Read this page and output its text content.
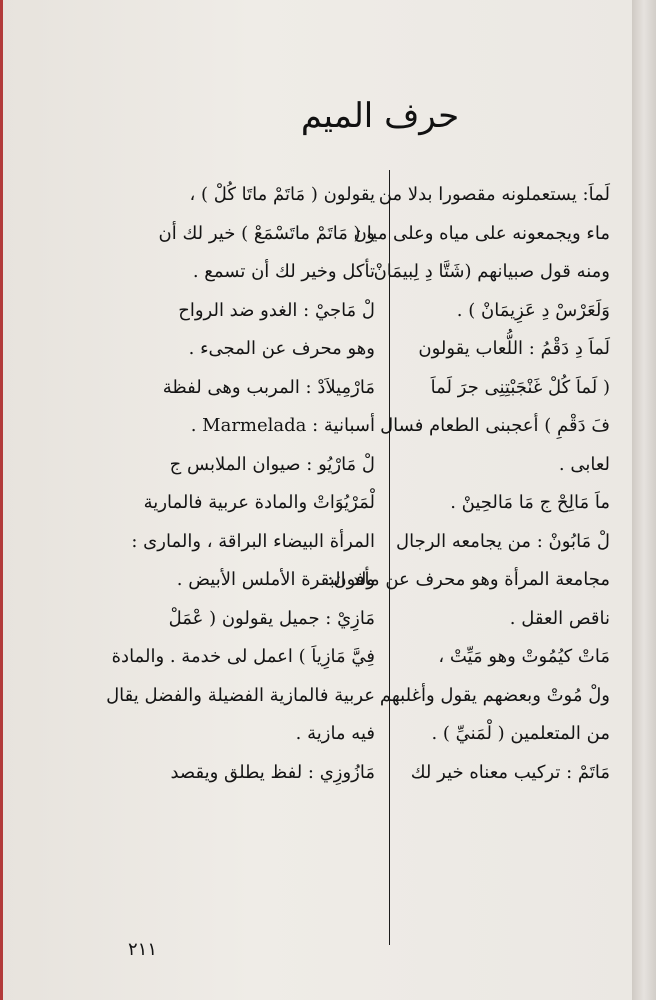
حرف الميم
لَماَ: يستعملونه مقصورا بدلا من
ماء ويجمعونه على مياه وعلى ميان
ومنه قول صبيانهم (شَتَّا دِ لِبيمَانْ
وَلَعَرْسْ دِ عَزِيمَانْ ) .
لَماَ دِ دَقْمُ : اللُّعاب يقولون
( لَماَ كُلْ غَنْجَبْتِنِى جرَ لَماَ
فَ دَقْمِ ) أعجبنى الطعام فسال
لعابى .
ماَ مَالِحْ ج مَا مَالحِينْ .
لْ مَابُونْ : من يجامعه الرجال
مجامعة المرأة وهو محرف عن مأفون:
ناقص العقل .
مَاتْ كيُمُوتْ وهو مَيِّتْ ،
ولْ مُوتْ وبعضهم يقول وأغلبهم
من المتعلمين ( لْمَنيِّ ) .
مَاتَمْ : تركيب معناه خير لك
يقولون ( مَاتَمْ ماتَا كُلْ ) ،
و ( مَاتَمْ ماتَسْمَعْ ) خير لك أن
تأكل وخير لك أن تسمع .
لْ مَاجيْ : الغدو ضد الرواح
وهو محرف عن المجىء .
مَارْمِيلاَدْ : المربب وهى لفظة
أسبانية : Marmelada .
لْ مَارْيُو : صيوان الملابس ج
لْمَرْيُوَاتْ والمادة عربية فالمارية
المرأة البيضاء البراقة ، والمارى :
ولد البقرة الأملس الأبيض .
مَازِيْ : جميل يقولون ( عْمَلْ
فِيَّ مَازِياَ ) اعمل لى خدمة . والمادة
عربية فالمازية الفضيلة والفضل يقال
فيه مازية .
مَازُوزِي : لفظ يطلق ويقصد
٢١١
